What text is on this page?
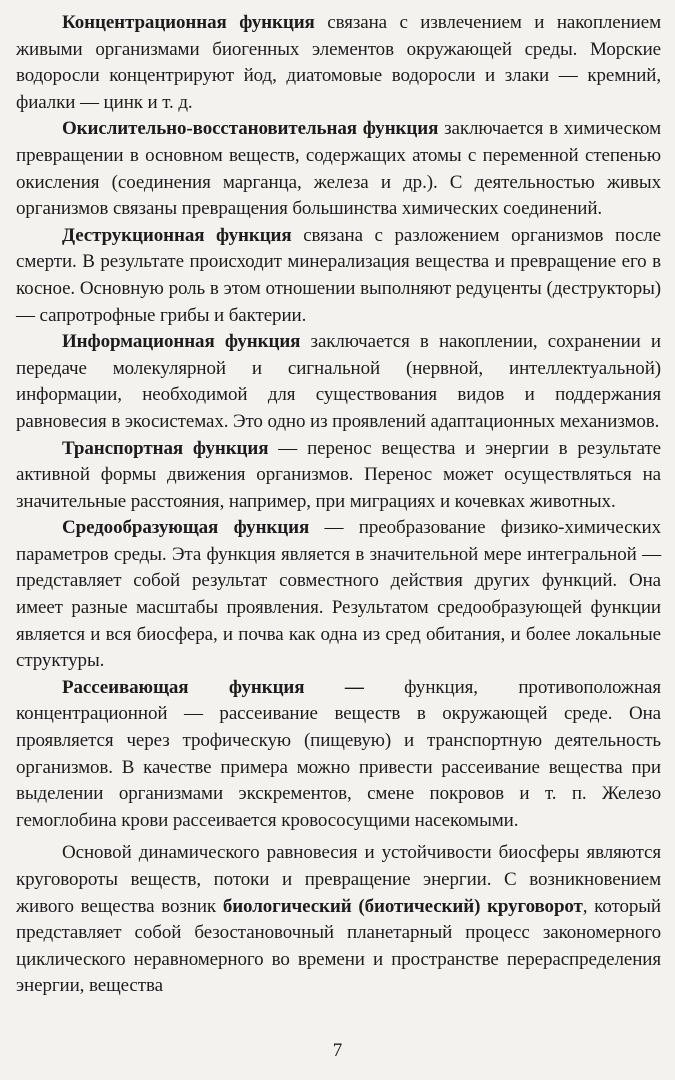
Концентрационная функция связана с извлечением и накоплением живыми организмами биогенных элементов окружающей среды. Морские водоросли концентрируют йод, диатомовые водоросли и злаки — кремний, фиалки — цинк и т. д.

Окислительно-восстановительная функция заключается в химическом превращении в основном веществ, содержащих атомы с переменной степенью окисления (соединения марганца, железа и др.). С деятельностью живых организмов связаны превращения большинства химических соединений.

Деструкционная функция связана с разложением организмов после смерти. В результате происходит минерализация вещества и превращение его в косное. Основную роль в этом отношении выполняют редуценты (деструкторы) — сапротрофные грибы и бактерии.

Информационная функция заключается в накоплении, сохранении и передаче молекулярной и сигнальной (нервной, интеллектуальной) информации, необходимой для существования видов и поддержания равновесия в экосистемах. Это одно из проявлений адаптационных механизмов.

Транспортная функция — перенос вещества и энергии в результате активной формы движения организмов. Перенос может осуществляться на значительные расстояния, например, при миграциях и кочевках животных.

Средообразующая функция — преобразование физико-химических параметров среды. Эта функция является в значительной мере интегральной — представляет собой результат совместного действия других функций. Она имеет разные масштабы проявления. Результатом средообразующей функции является и вся биосфера, и почва как одна из сред обитания, и более локальные структуры.

Рассеивающая функция — функция, противоположная концентрационной — рассеивание веществ в окружающей среде. Она проявляется через трофическую (пищевую) и транспортную деятельность организмов. В качестве примера можно привести рассеивание вещества при выделении организмами экскрементов, смене покровов и т. п. Железо гемоглобина крови рассеивается кровососущими насекомыми.

Основой динамического равновесия и устойчивости биосферы являются круговороты веществ, потоки и превращение энергии. С возникновением живого вещества возник биологический (биотический) круговорот, который представляет собой безостановочный планетарный процесс закономерного циклического неравномерного во времени и пространстве перераспределения энергии, вещества

7
